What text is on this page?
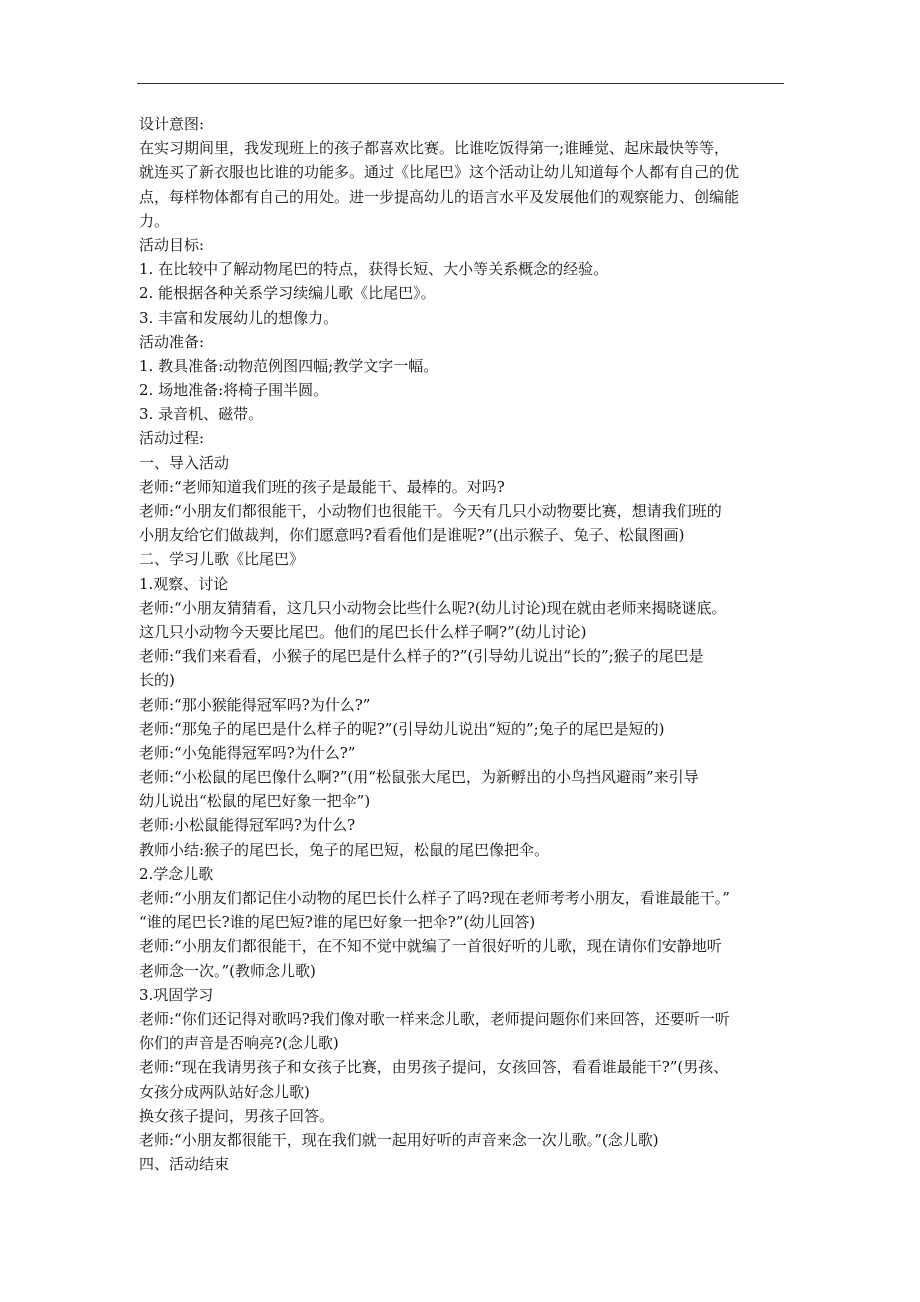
设计意图:
在实习期间里，我发现班上的孩子都喜欢比赛。比谁吃饭得第一;谁睡觉、起床最快等等，
就连买了新衣服也比谁的功能多。通过《比尾巴》这个活动让幼儿知道每个人都有自己的优
点，每样物体都有自己的用处。进一步提高幼儿的语言水平及发展他们的观察能力、创编能
力。
活动目标:
1. 在比较中了解动物尾巴的特点，获得长短、大小等关系概念的经验。
2. 能根据各种关系学习续编儿歌《比尾巴》。
3. 丰富和发展幼儿的想像力。
活动准备:
1. 教具准备:动物范例图四幅;教学文字一幅。
2. 场地准备:将椅子围半圆。
3. 录音机、磁带。
活动过程:
一、导入活动
老师:“老师知道我们班的孩子是最能干、最棒的。对吗?
老师:“小朋友们都很能干，小动物们也很能干。今天有几只小动物要比赛，想请我们班的
小朋友给它们做裁判，你们愿意吗?看看他们是谁呢?”(出示猴子、兔子、松鼠图画)
二、学习儿歌《比尾巴》
1.观察、讨论
老师:“小朋友猜猜看，这几只小动物会比些什么呢?(幼儿讨论)现在就由老师来揭晓谜底。
这几只小动物今天要比尾巴。他们的尾巴长什么样子啊?”(幼儿讨论)
老师:“我们来看看，小猴子的尾巴是什么样子的?”(引导幼儿说出“长的”;猴子的尾巴是
长的)
老师:“那小猴能得冠军吗?为什么?”
老师:“那兔子的尾巴是什么样子的呢?”(引导幼儿说出“短的”;兔子的尾巴是短的)
老师:“小兔能得冠军吗?为什么?”
老师:“小松鼠的尾巴像什么啊?”(用“松鼠张大尾巴，为新孵出的小鸟挡风避雨”来引导
幼儿说出“松鼠的尾巴好象一把伞”)
老师:小松鼠能得冠军吗?为什么?
教师小结:猴子的尾巴长，兔子的尾巴短，松鼠的尾巴像把伞。
2.学念儿歌
老师:“小朋友们都记住小动物的尾巴长什么样子了吗?现在老师考考小朋友，看谁最能干。”
“谁的尾巴长?谁的尾巴短?谁的尾巴好象一把伞?”(幼儿回答)
老师:“小朋友们都很能干，在不知不觉中就编了一首很好听的儿歌，现在请你们安静地听
老师念一次。”(教师念儿歌)
3.巩固学习
老师:“你们还记得对歌吗?我们像对歌一样来念儿歌，老师提问题你们来回答，还要听一听
你们的声音是否响亮?(念儿歌)
老师:“现在我请男孩子和女孩子比赛，由男孩子提问，女孩回答，看看谁最能干?”(男孩、
女孩分成两队站好念儿歌)
换女孩子提问，男孩子回答。
老师:“小朋友都很能干，现在我们就一起用好听的声音来念一次儿歌。”(念儿歌)
四、活动结束
